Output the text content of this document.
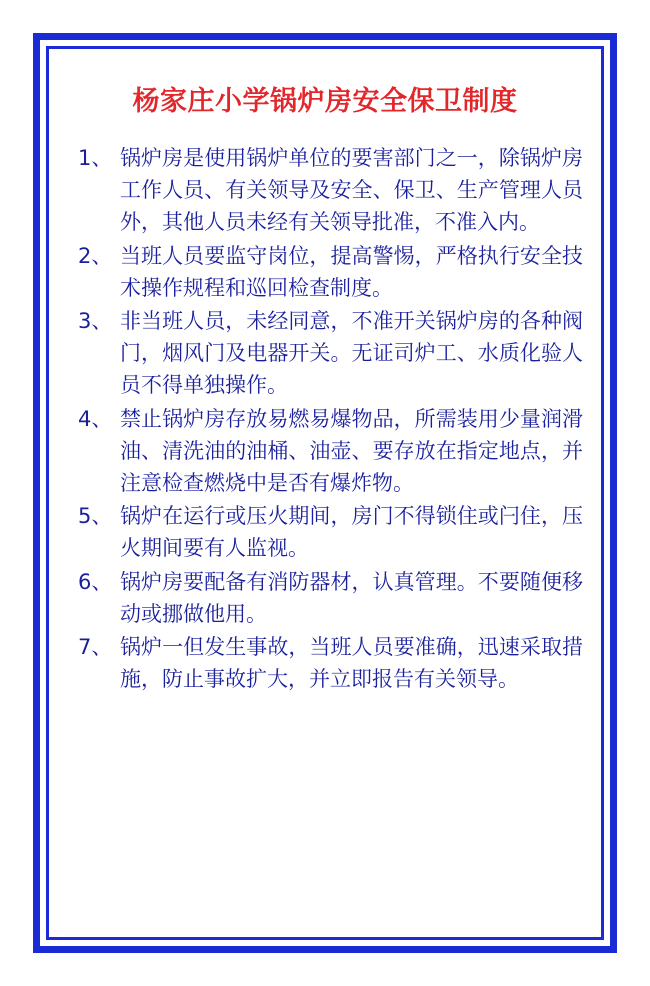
杨家庄小学锅炉房安全保卫制度
1、 锅炉房是使用锅炉单位的要害部门之一，除锅炉房工作人员、有关领导及安全、保卫、生产管理人员外，其他人员未经有关领导批准，不准入内。
2、 当班人员要监守岗位，提高警惕，严格执行安全技术操作规程和巡回检查制度。
3、 非当班人员，未经同意，不准开关锅炉房的各种阀门，烟风门及电器开关。无证司炉工、水质化验人员不得单独操作。
4、 禁止锅炉房存放易燃易爆物品，所需装用少量润滑油、清洗油的油桶、油壶、要存放在指定地点，并注意检查燃烧中是否有爆炸物。
5、 锅炉在运行或压火期间，房门不得锁住或闩住，压火期间要有人监视。
6、 锅炉房要配备有消防器材，认真管理。不要随便移动或挪做他用。
7、 锅炉一但发生事故，当班人员要准确，迅速采取措施，防止事故扩大，并立即报告有关领导。
